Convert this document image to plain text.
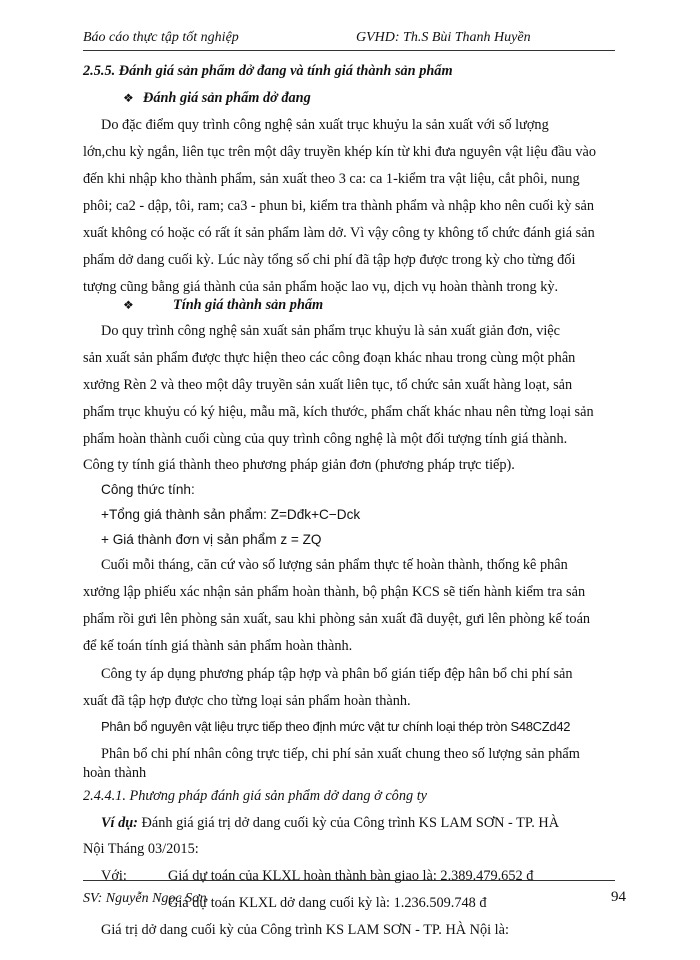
Báo cáo thực tập tốt nghiệp	GVHD: Th.S Bùi Thanh Huyền
2.5.5. Đánh giá sản phẩm dở đang và tính giá thành sản phẩm
❖ Đánh giá sản phẩm dở đang
Do đặc điểm quy trình công nghệ sản xuất trục khuỷu la sản xuất với số lượng
lớn,chu kỳ ngắn, liên tục trên một dây truyền khép kín từ khi đưa nguyên vật liệu đầu vào
đến khi nhập kho thành phẩm, sản xuất theo 3 ca: ca 1-kiểm tra vật liệu, cắt phôi, nung
phôi; ca2 - dập, tôi, ram; ca3 - phun bi, kiểm tra thành phẩm và nhập kho nên cuối kỳ sản
xuất không có hoặc có rất ít sản phẩm làm dở. Vì vậy công ty không tổ chức đánh giá sản
phẩm dở dang cuối kỳ. Lúc này tổng số chi phí đã tập hợp được trong kỳ cho từng đối
tượng cũng bằng giá thành của sản phẩm hoặc lao vụ, dịch vụ hoàn thành trong kỳ.
❖	Tính giá thành sản phẩm
Do quy trình công nghệ sản xuất sản phẩm trục khuỷu là sản xuất giản đơn, việc
sản xuất sản phẩm được thực hiện theo các công đoạn khác nhau trong cùng một phân
xưởng Rèn 2 và theo một dây truyền sản xuất liên tục, tổ chức sản xuất hàng loạt, sản
phẩm trục khuỷu có ký hiệu, mẫu mã, kích thước, phẩm chất khác nhau nên từng loại sản
phẩm hoàn thành cuối cùng của quy trình công nghệ là một đối tượng tính giá thành.
Công ty tính giá thành theo phương pháp giản đơn (phương pháp trực tiếp).
Công thức tính:
+Tổng giá thành sản phẩm: Z=Dđk+C−Dck
+ Giá thành đơn vị sản phẩm z = ZQ
Cuối mỗi tháng, căn cứ vào số lượng sản phẩm thực tế hoàn thành, thống kê phân
xưởng lập phiếu xác nhận sản phẩm hoàn thành, bộ phận KCS sẽ tiến hành kiểm tra sản
phẩm rồi gưi lên phòng sản xuất, sau khi phòng sản xuất đã duyệt, gưi lên phòng kế toán
để kế toán tính giá thành sản phẩm hoàn thành.
Công ty áp dụng phương pháp tập hợp và phân bổ gián tiếp đệp hân bổ chi phí sản
xuất đã tập hợp được cho từng loại sản phẩm hoàn thành.
Phân bổ nguyên vật liệu trực tiếp theo định mức vật tư chính loại thép tròn S48CZd42
Phân bổ chi phí nhân công trực tiếp, chi phí sản xuất chung theo số lượng sản phẩm
hoàn thành
2.4.4.1. Phương pháp đánh giá sản phẩm dở dang ở công ty
Ví dụ: Đánh giá giá trị dở dang cuối kỳ của Công trình KS LAM SƠN - TP. HÀ
Nội Tháng 03/2015:
Với:	Giá dự toán của KLXL hoàn thành bàn giao là: 2.389.479.652 đ
Giá dự toán KLXL dở dang cuối kỳ là: 1.236.509.748 đ
Giá trị dở dang cuối kỳ của Công trình KS LAM SƠN - TP. HÀ Nội là:
SV: Nguyễn Ngọc Sơn	94
